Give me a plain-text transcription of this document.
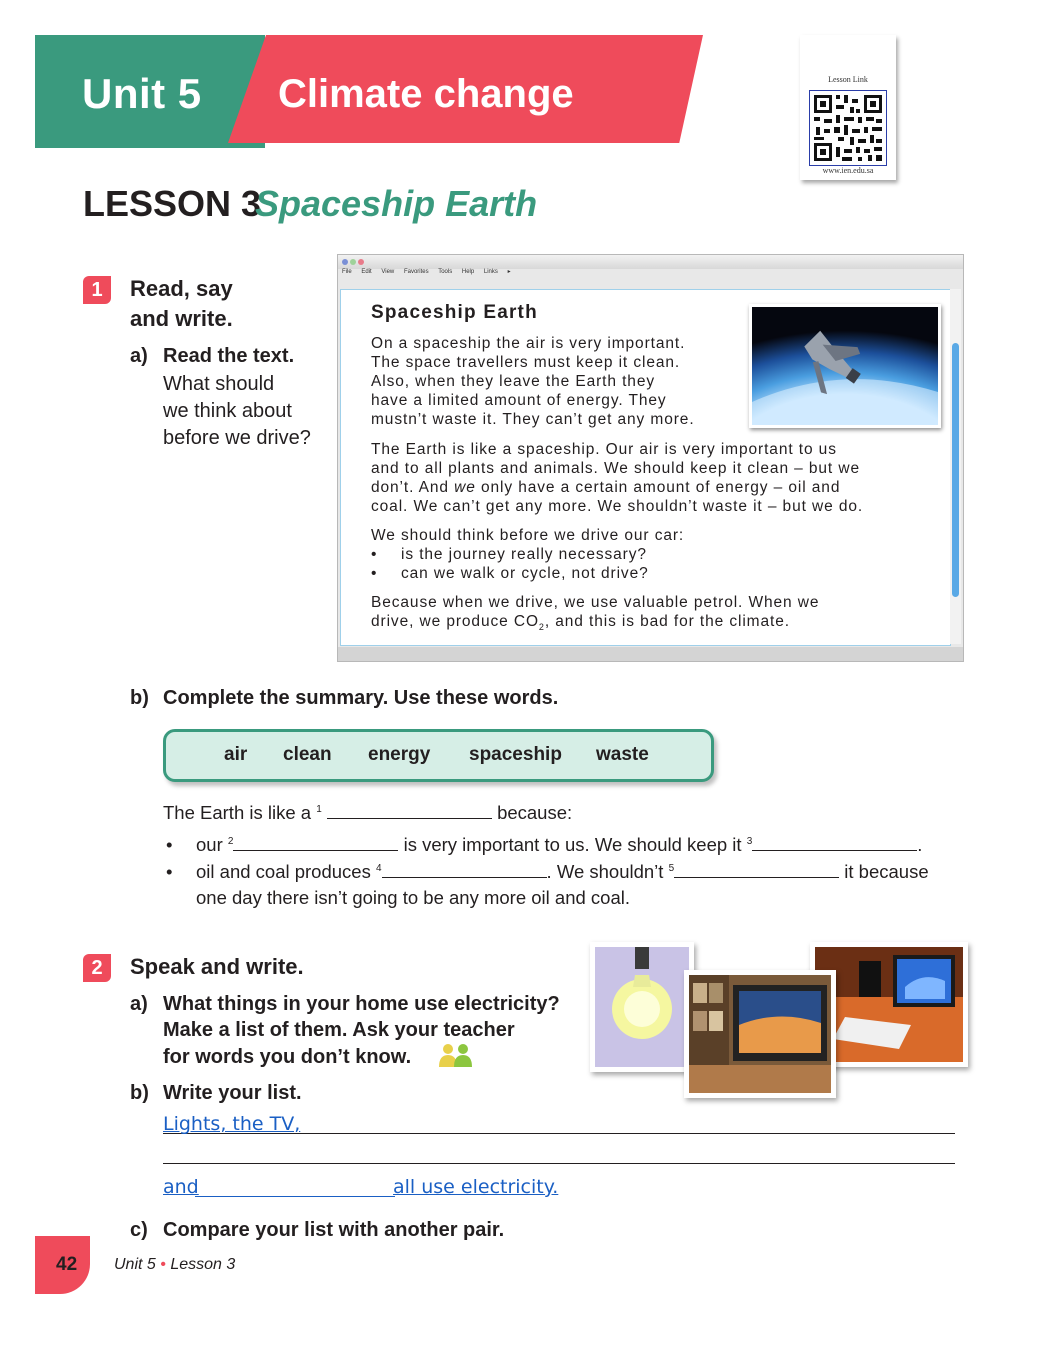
Unit 5 Climate change	Lesson Link
www.ien.edu.sa
LESSON 3
Spaceship Earth
1	Read, say
and write.
a) Read the text.
What should
we think about
before we drive?
File Edit View Favorites Tools Help Links ▸
Spaceship Earth
On a spaceship the air is very important.
The space travellers must keep it clean.
Also, when they leave the Earth they
have a limited amount of energy. They
mustn’t waste it. They can’t get any more.
The Earth is like a spaceship. Our air is very important to us
and to all plants and animals. We should keep it clean – but we
don’t. And we only have a certain amount of energy – oil and
coal. We can’t get any more. We shouldn’t waste it – but we do.
We should think before we drive our car:
• is the journey really necessary?
• can we walk or cycle, not drive?
Because when we drive, we use valuable petrol. When we
drive, we produce $CO_2$, and this is bad for the climate.
b) Complete the summary. Use these words.
air clean energy spaceship waste
The Earth is like a $^1$	because:
• our $^2$	is very important to us. We should keep it $^3$	.
• oil and coal produces $^4$	. We shouldn’t $^5$	it because
one day there isn’t going to be any more oil and coal.
2	Speak and write.
a) What things in your home use electricity?
Make a list of them. Ask your teacher
for words you don’t know.
b) Write your list.
Lights, the TV,
and	all use electricity.
c) Compare your list with another pair.
42 Unit 5 • Lesson 3
